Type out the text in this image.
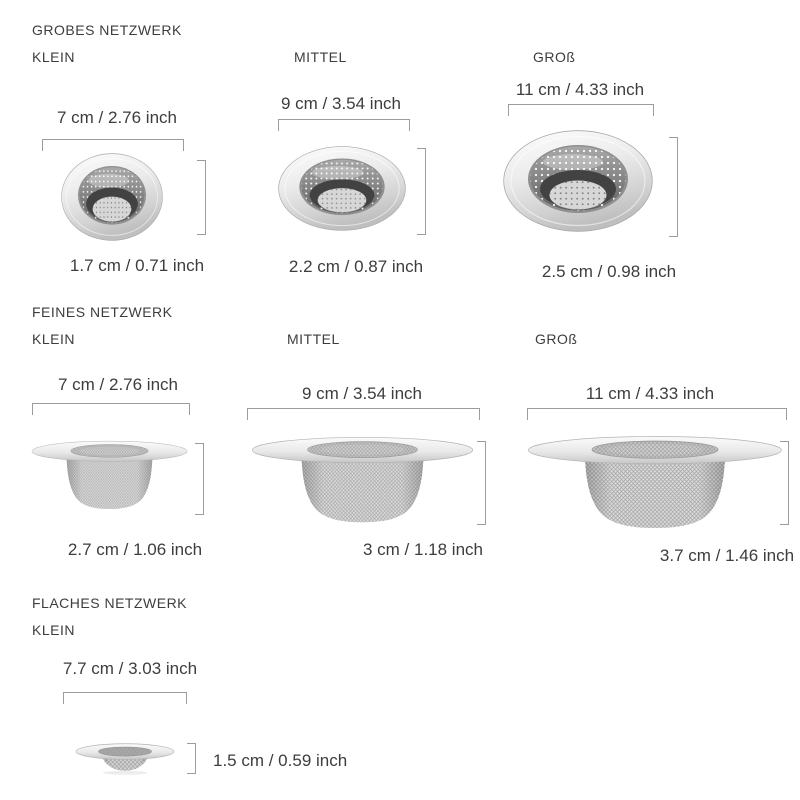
GROBES NETZWERK
KLEIN	MITTEL	GROß
7 cm / 2.76 inch
1.7 cm / 0.71 inch
9 cm / 3.54 inch
2.2 cm / 0.87 inch
11 cm / 4.33 inch
2.5 cm / 0.98 inch
FEINES NETZWERK
KLEIN	MITTEL	GROß
7 cm / 2.76 inch
2.7 cm / 1.06 inch
9 cm / 3.54 inch
3 cm / 1.18 inch
11 cm / 4.33 inch
3.7 cm / 1.46 inch
FLACHES NETZWERK
KLEIN
7.7 cm / 3.03 inch
1.5 cm / 0.59 inch
